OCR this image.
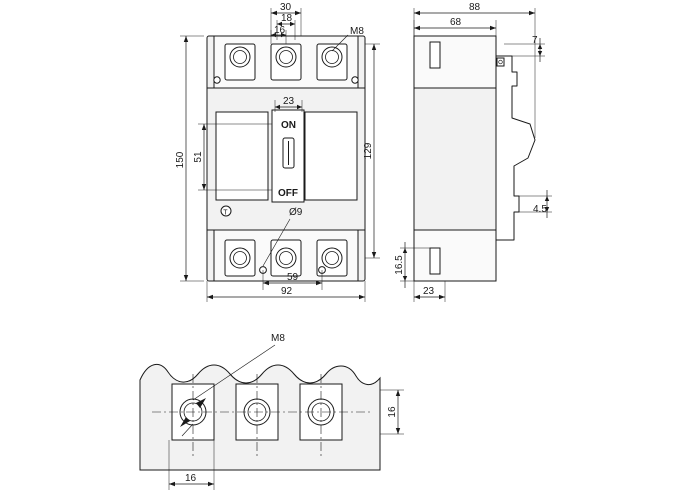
ON
OFF
T
M8
Ø9
30
18
16
23
150 51	129
59
92
88
68
7
4.5
16.5
23
M8
16
16
